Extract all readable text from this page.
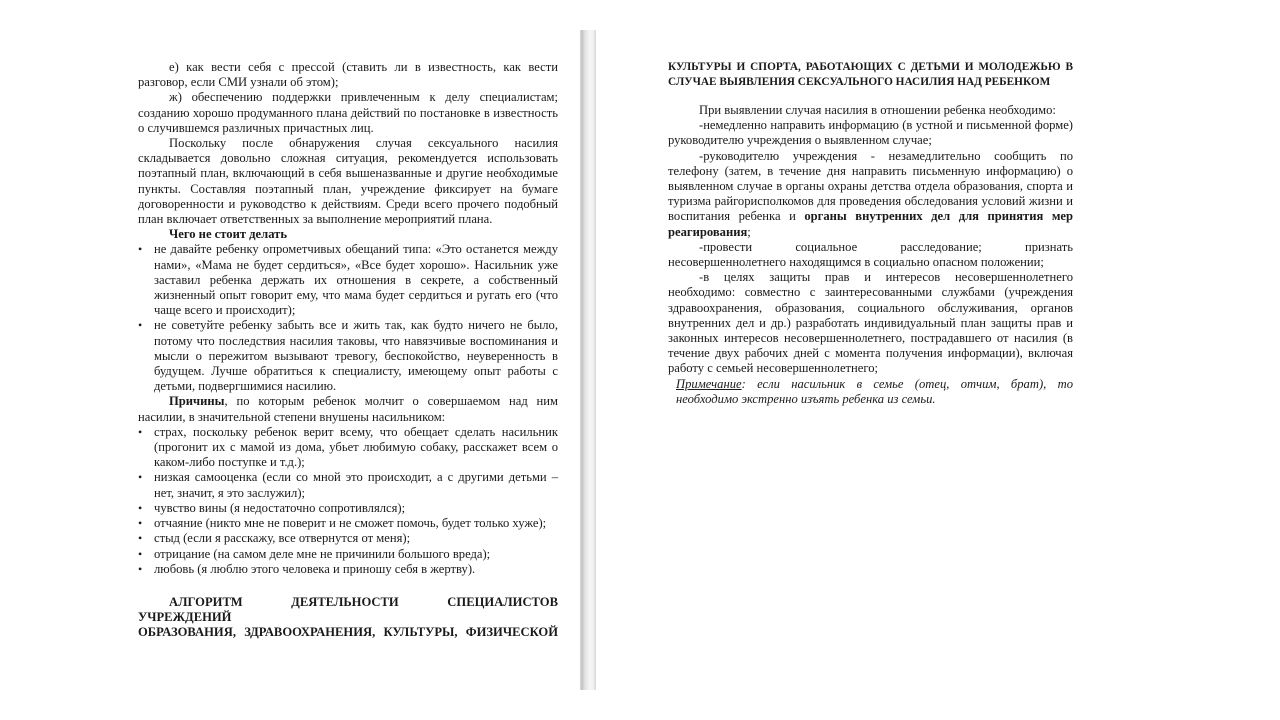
е) как вести себя с прессой (ставить ли в известность, как вести разговор, если СМИ узнали об этом);

ж) обеспечению поддержки привлеченным к делу специалистам; созданию хорошо продуманного плана действий по постановке в известность о случившемся различных причастных лиц.

Поскольку после обнаружения случая сексуального насилия складывается довольно сложная ситуация, рекомендуется использовать поэтапный план, включающий в себя вышеназванные и другие необходимые пункты. Составляя поэтапный план, учреждение фиксирует на бумаге договоренности и руководство к действиям. Среди всего прочего подобный план включает ответственных за выполнение мероприятий плана.

Чего не стоит делать

• не давайте ребенку опрометчивых обещаний типа: «Это останется между нами», «Мама не будет сердиться», «Все будет хорошо». Насильник уже заставил ребенка держать их отношения в секрете, а собственный жизненный опыт говорит ему, что мама будет сердиться и ругать его (что чаще всего и происходит);
• не советуйте ребенку забыть все и жить так, как будто ничего не было, потому что последствия насилия таковы, что навязчивые воспоминания и мысли о пережитом вызывают тревогу, беспокойство, неуверенность в будущем. Лучше обратиться к специалисту, имеющему опыт работы с детьми, подвергшимися насилию.

Причины, по которым ребенок молчит о совершаемом над ним насилии, в значительной степени внушены насильником:

• страх, поскольку ребенок верит всему, что обещает сделать насильник (прогонит их с мамой из дома, убьет любимую собаку, расскажет всем о каком-либо поступке и т.д.);
• низкая самооценка (если со мной это происходит, а с другими детьми – нет, значит, я это заслужил);
• чувство вины (я недостаточно сопротивлялся);
• отчаяние (никто мне не поверит и не сможет помочь, будет только хуже);
• стыд (если я расскажу, все отвернутся от меня);
• отрицание (на самом деле мне не причинили большого вреда);
• любовь (я люблю этого человека и приношу себя в жертву).

АЛГОРИТМ ДЕЯТЕЛЬНОСТИ СПЕЦИАЛИСТОВ УЧРЕЖДЕНИЙ

ОБРАЗОВАНИЯ, ЗДРАВООХРАНЕНИЯ, КУЛЬТУРЫ, ФИЗИЧЕСКОЙ

КУЛЬТУРЫ И СПОРТА, РАБОТАЮЩИХ С ДЕТЬМИ И МОЛОДЕЖЬЮ В СЛУЧАЕ ВЫЯВЛЕНИЯ СЕКСУАЛЬНОГО НАСИЛИЯ НАД РЕБЕНКОМ

При выявлении случая насилия в отношении ребенка необходимо:

-немедленно направить информацию (в устной и письменной форме) руководителю учреждения о выявленном случае;

-руководителю учреждения - незамедлительно сообщить по телефону (затем, в течение дня направить письменную информацию) о выявленном случае в органы охраны детства отдела образования, спорта и туризма райгорисполкомов для проведения обследования условий жизни и воспитания ребенка и органы внутренних дел для принятия мер реагирования;

-провести социальное расследование; признать несовершеннолетнего находящимся в социально опасном положении;

-в целях защиты прав и интересов несовершеннолетнего необходимо: совместно с заинтересованными службами (учреждения здравоохранения, образования, социального обслуживания, органов внутренних дел и др.) разработать индивидуальный план защиты прав и законных интересов несовершеннолетнего, пострадавшего от насилия (в течение двух рабочих дней с момента получения информации), включая работу с семьей несовершеннолетнего;

Примечание: если насильник в семье (отец, отчим, брат), то необходимо экстренно изъять ребенка из семьи.
